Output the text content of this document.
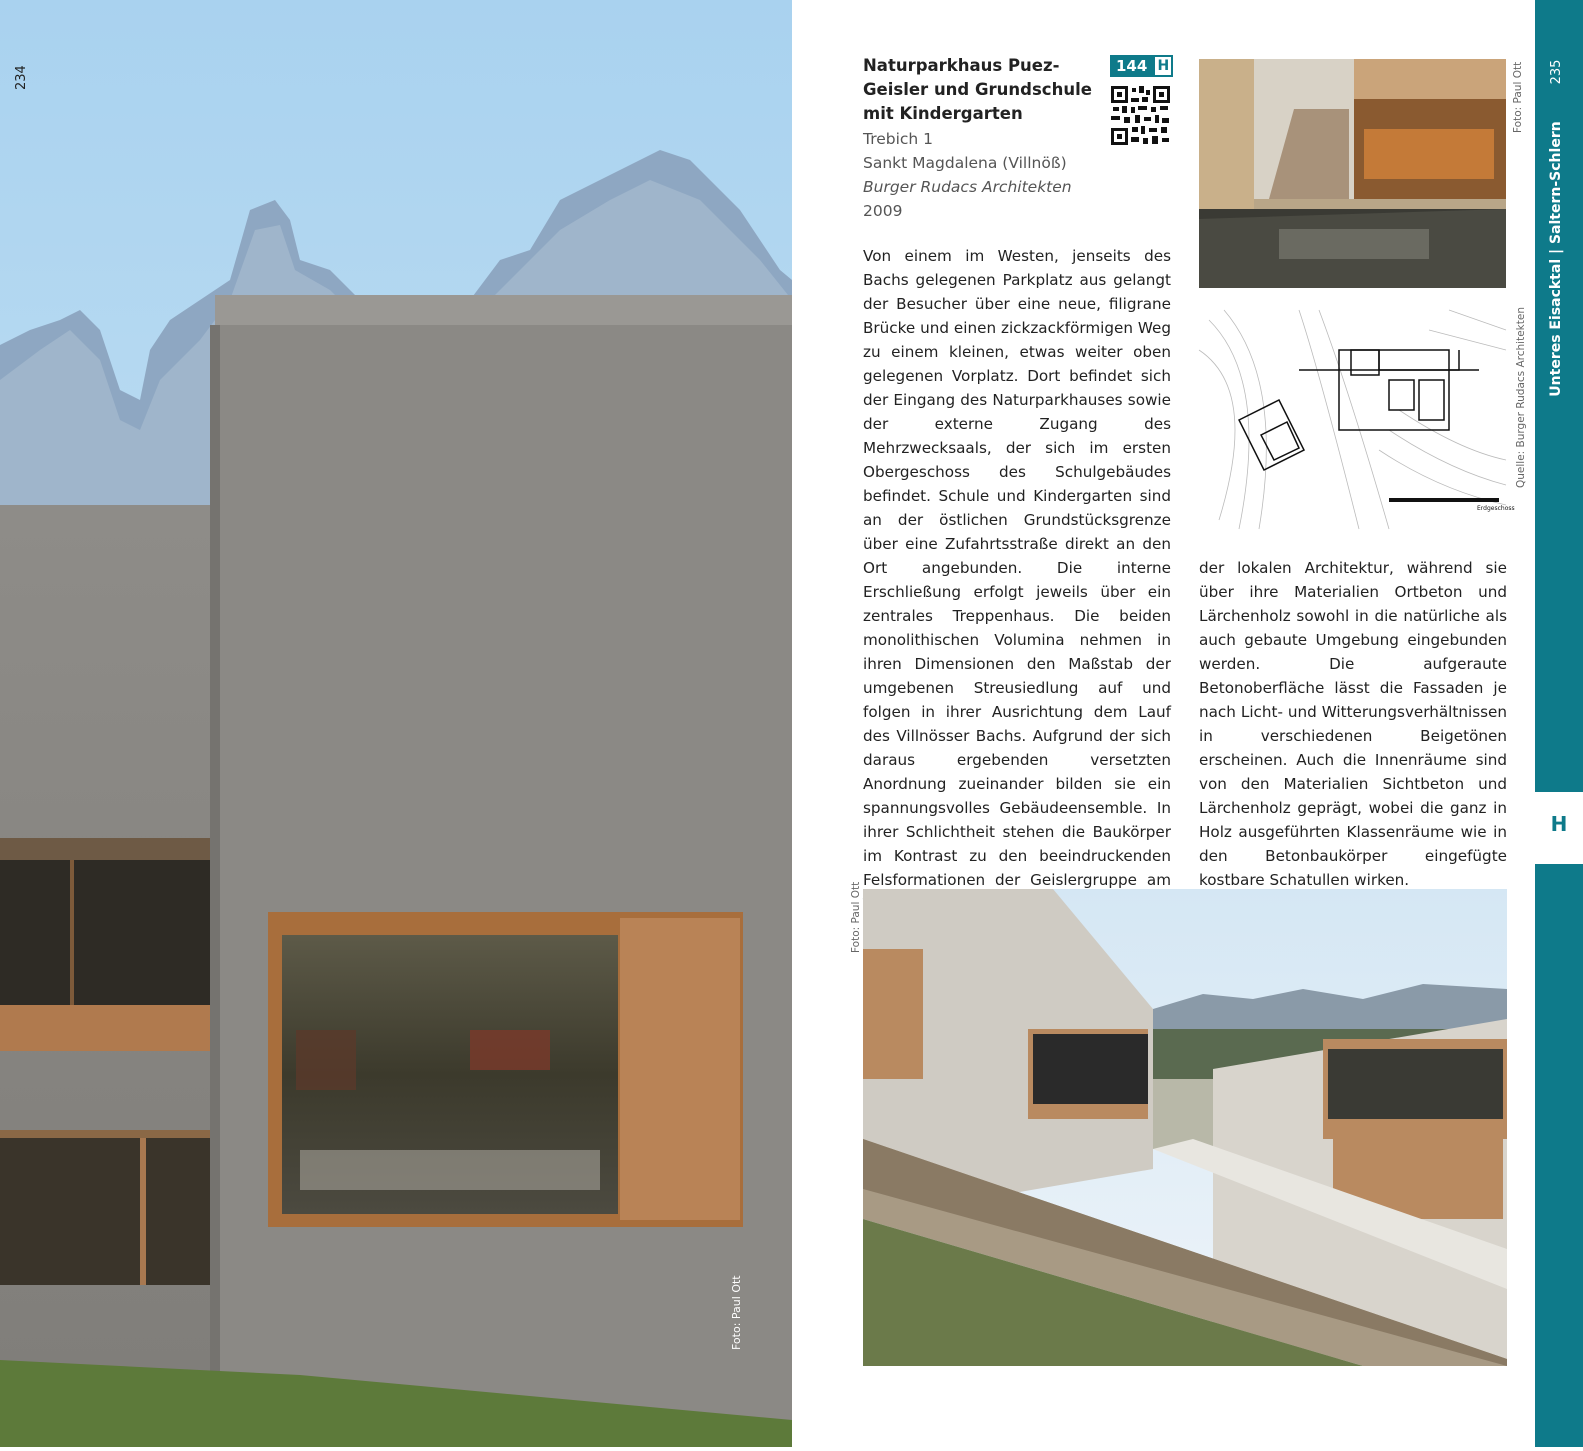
234
Foto: Paul Ott
Naturparkhaus Puez-Geisler und Grundschule mit Kindergarten
Trebich 1
Sankt Magdalena (Villnöß)
Burger Rudacs Architekten
2009
144 H
Von einem im Westen, jenseits des Bachs gelegenen Parkplatz aus gelangt der Besucher über eine neue, filigrane Brücke und einen zickzackförmigen Weg zu einem kleinen, etwas weiter oben gelegenen Vorplatz. Dort befindet sich der Eingang des Naturparkhauses sowie der externe Zugang des Mehrzwecksaals, der sich im ersten Obergeschoss des Schulgebäudes befindet. Schule und Kindergarten sind an der östlichen Grundstücksgrenze über eine Zufahrtsstraße direkt an den Ort angebunden. Die interne Erschließung erfolgt jeweils über ein zentrales Treppenhaus. Die beiden monolithischen Volumina nehmen in ihren Dimensionen den Maßstab der umgebenen Streusiedlung auf und folgen in ihrer Ausrichtung dem Lauf des Villnösser Bachs. Aufgrund der sich daraus ergebenden versetzten Anordnung zueinander bilden sie ein spannungsvolles Gebäudeensemble. In ihrer Schlichtheit stehen die Baukörper im Kontrast zu den beeindruckenden Felsformationen der Geislergruppe am
der lokalen Architektur, während sie über ihre Materialien Ortbeton und Lärchenholz sowohl in die natürliche als auch gebaute Umgebung eingebunden werden. Die aufgeraute Betonoberfläche lässt die Fassaden je nach Licht- und Witterungsverhältnissen in verschiedenen Beigetönen erscheinen. Auch die Innenräume sind von den Materialien Sichtbeton und Lärchenholz geprägt, wobei die ganz in Holz ausgeführten Klassenräume wie in den Betonbaukörper eingefügte kostbare Schatullen wirken.
Foto: Paul Ott
Erdgeschoss
Quelle: Burger Rudacs Architekten
Foto: Paul Ott
H
235
Unteres Eisacktal | Saltern-Schlern
